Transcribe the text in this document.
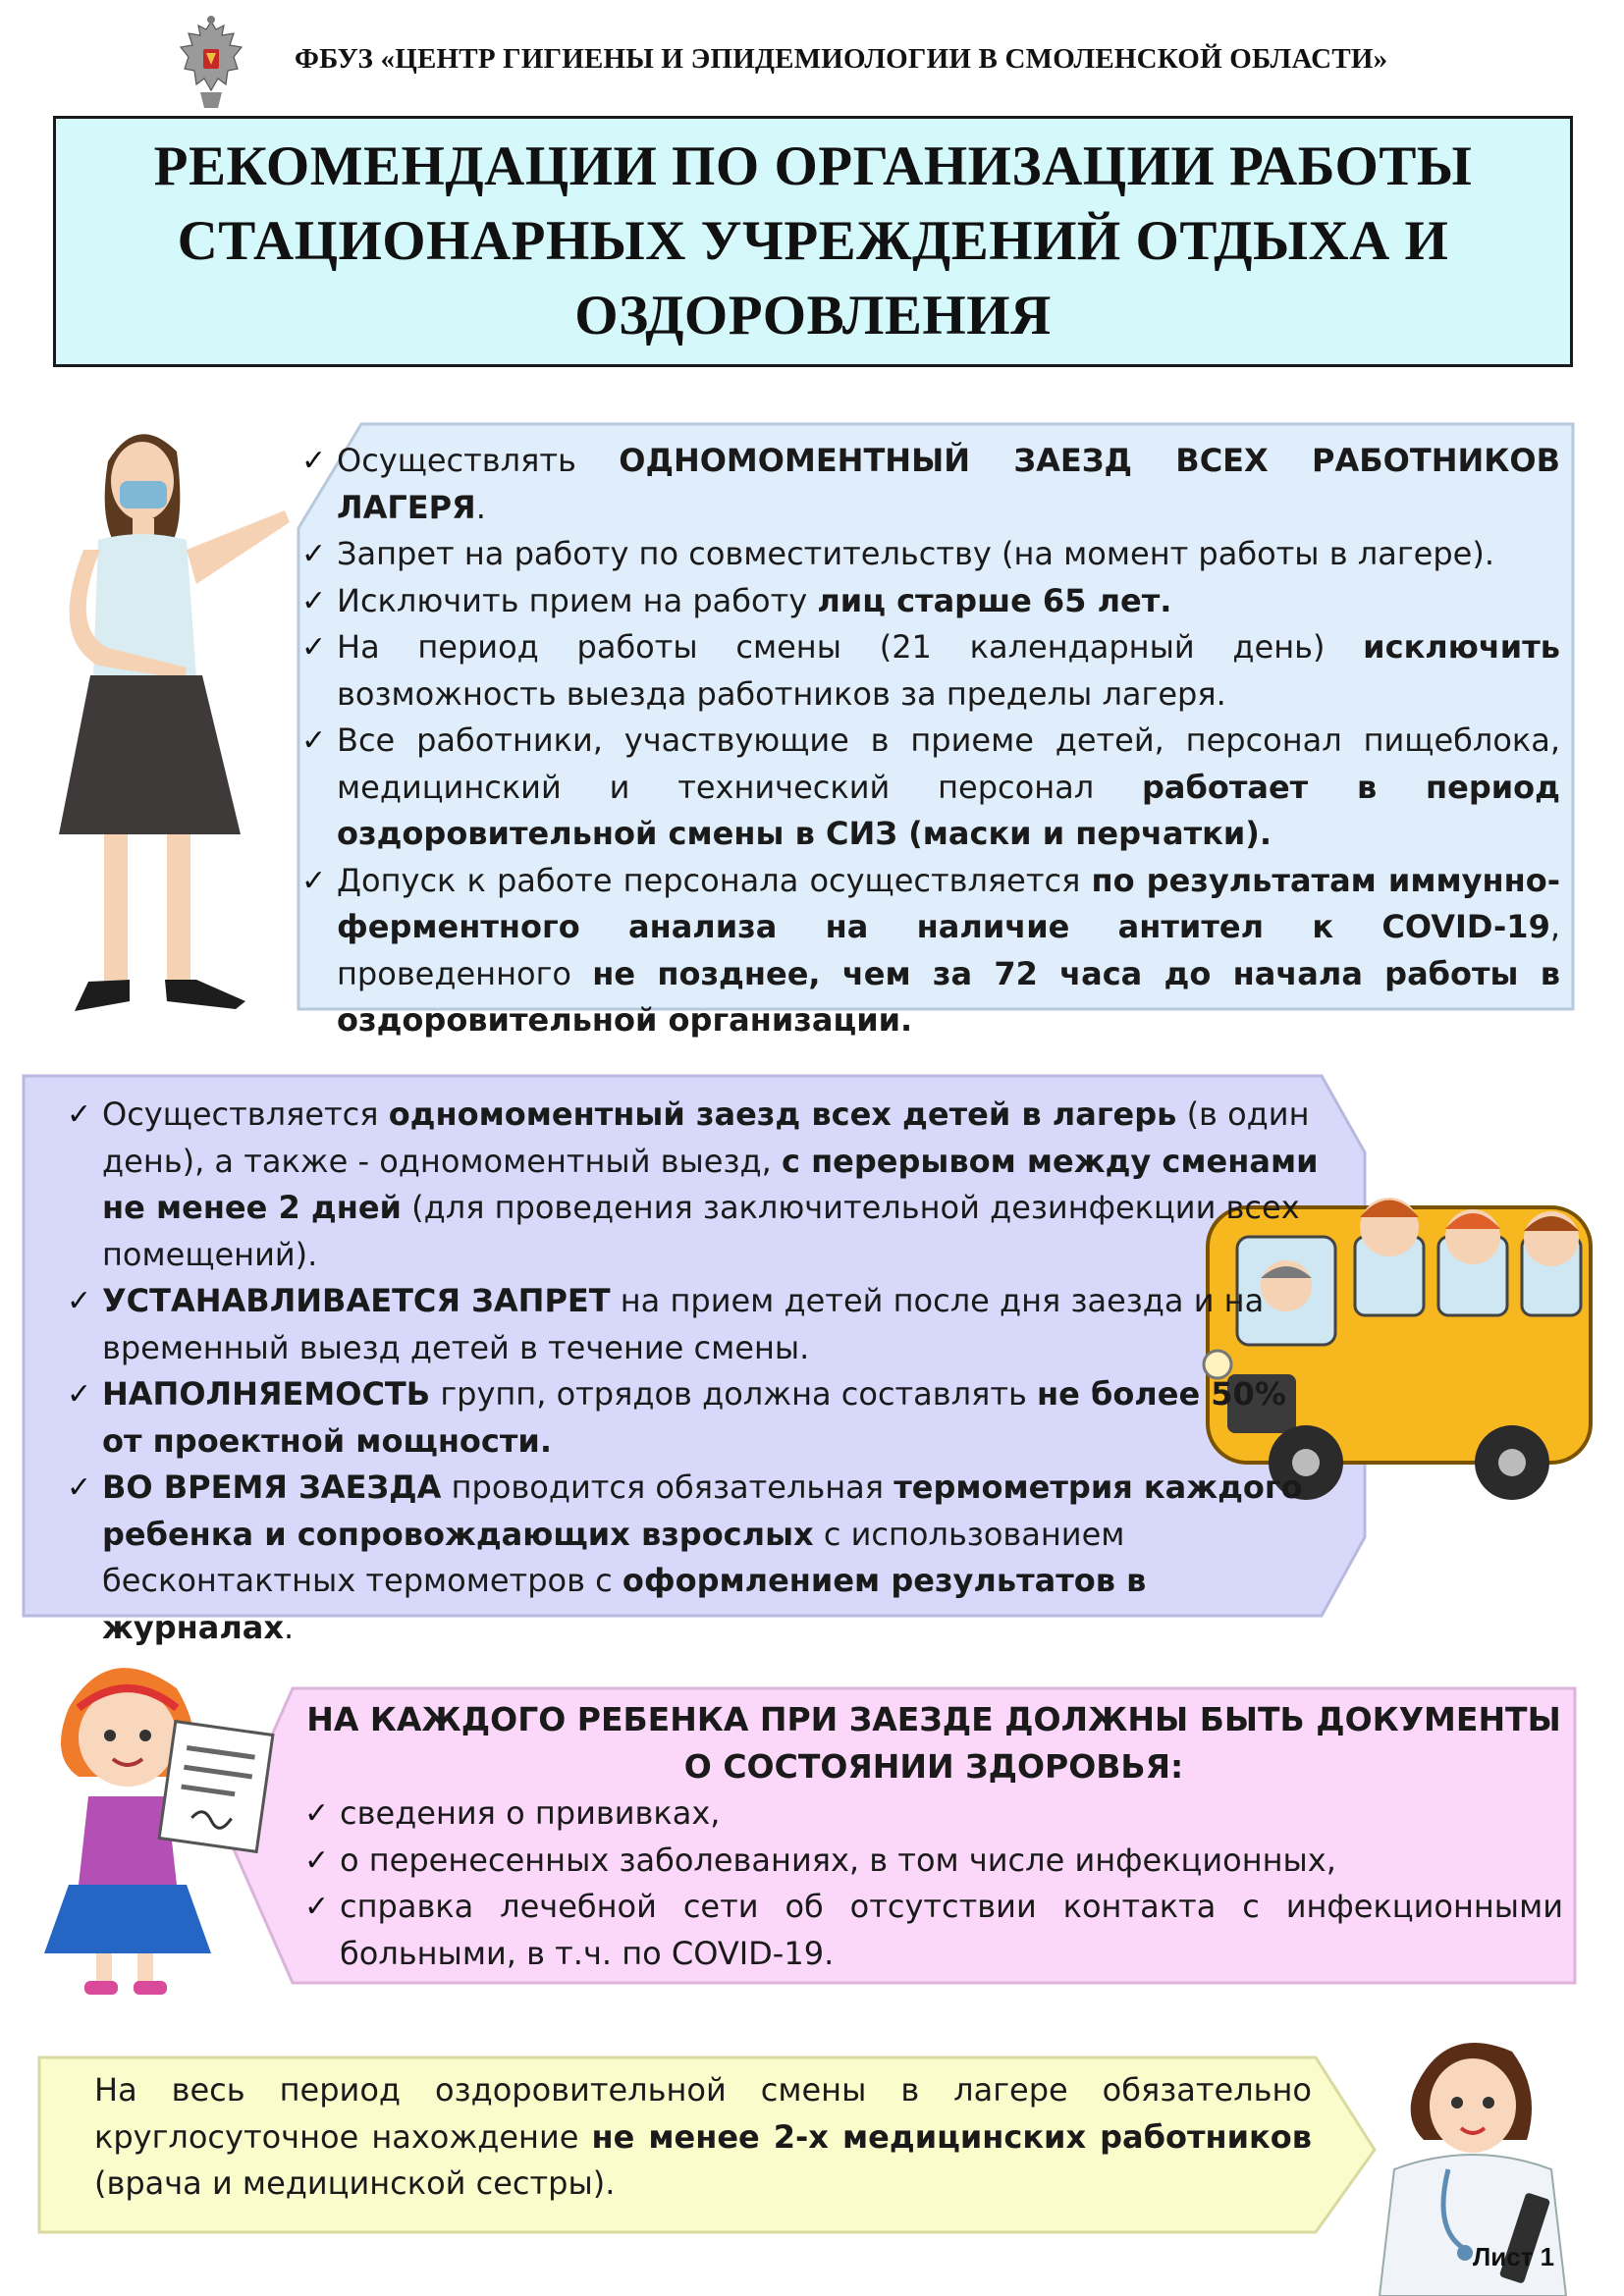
ФБУЗ «ЦЕНТР ГИГИЕНЫ И ЭПИДЕМИОЛОГИИ В СМОЛЕНСКОЙ ОБЛАСТИ»
РЕКОМЕНДАЦИИ ПО ОРГАНИЗАЦИИ РАБОТЫ
СТАЦИОНАРНЫХ УЧРЕЖДЕНИЙ ОТДЫХА И
ОЗДОРОВЛЕНИЯ
✓ Осуществлять ОДНОМОМЕНТНЫЙ ЗАЕЗД ВСЕХ РАБОТНИКОВ ЛАГЕРЯ.
✓ Запрет на работу по совместительству (на момент работы в лагере).
✓ Исключить прием на работу лиц старше 65 лет.
✓ На период работы смены (21 календарный день) исключить возможность выезда работников за пределы лагеря.
✓ Все работники, участвующие в приеме детей, персонал пищеблока, медицинский и технический персонал работает в период оздоровительной смены в СИЗ (маски и перчатки).
✓ Допуск к работе персонала осуществляется по результатам иммунно-ферментного анализа на наличие антител к COVID-19, проведенного не позднее, чем за 72 часа до начала работы в оздоровительной организации.
✓ Осуществляется одномоментный заезд всех детей в лагерь (в один день), а также - одномоментный выезд, с перерывом между сменами не менее 2 дней (для проведения заключительной дезинфекции всех помещений).
✓ УСТАНАВЛИВАЕТСЯ ЗАПРЕТ на прием детей после дня заезда и на временный выезд детей в течение смены.
✓ НАПОЛНЯЕМОСТЬ групп, отрядов должна составлять не более 50% от проектной мощности.
✓ ВО ВРЕМЯ ЗАЕЗДА проводится обязательная термометрия каждого ребенка и сопровождающих взрослых с использованием бесконтактных термометров с оформлением результатов в журналах.
НА КАЖДОГО РЕБЕНКА ПРИ ЗАЕЗДЕ ДОЛЖНЫ БЫТЬ ДОКУМЕНТЫ О СОСТОЯНИИ ЗДОРОВЬЯ:
✓ сведения о прививках,
✓ о перенесенных заболеваниях, в том числе инфекционных,
✓ справка лечебной сети об отсутствии контакта с инфекционными больными, в т.ч. по COVID-19.
На весь период оздоровительной смены в лагере обязательно круглосуточное нахождение не менее 2-х медицинских работников (врача и медицинской сестры).
Лист 1
